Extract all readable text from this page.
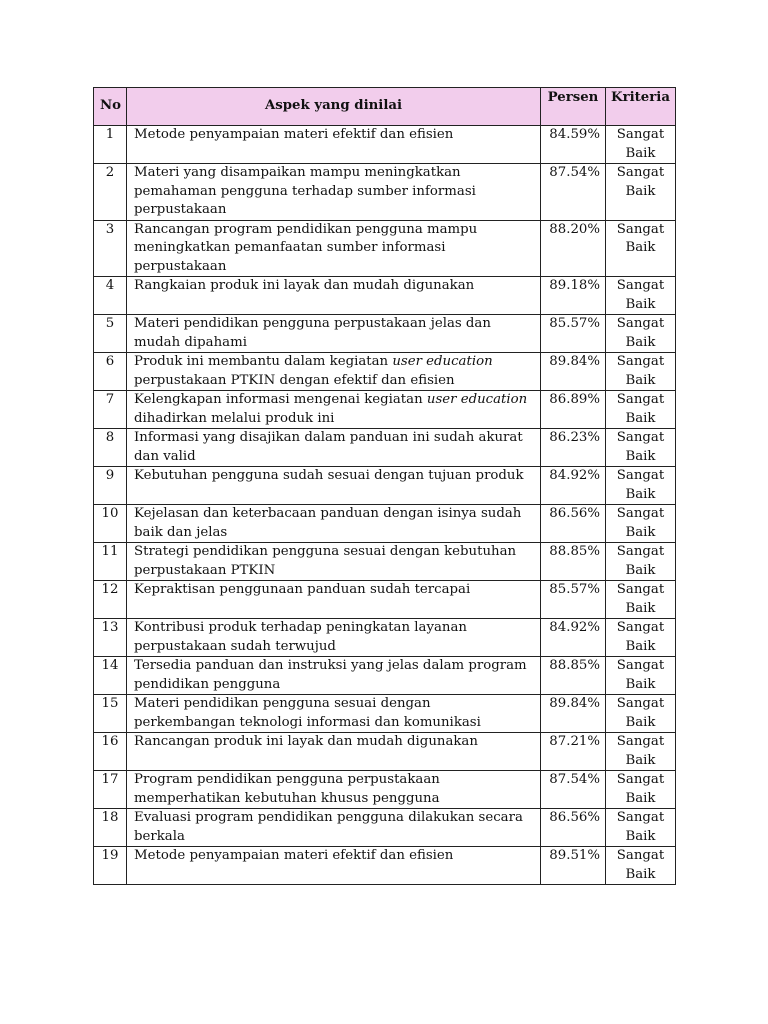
No	Aspek yang dinilai	Persen	Kriteria
1	Metode penyampaian materi efektif dan efisien	84.59%	Sangat Baik
2	Materi yang disampaikan mampu meningkatkan pemahaman pengguna terhadap sumber informasi perpustakaan	87.54%	Sangat Baik
3	Rancangan program pendidikan pengguna mampu meningkatkan pemanfaatan sumber informasi perpustakaan	88.20%	Sangat Baik
4	Rangkaian produk ini layak dan mudah digunakan	89.18%	Sangat Baik
5	Materi pendidikan pengguna perpustakaan jelas dan mudah dipahami	85.57%	Sangat Baik
6	Produk ini membantu dalam kegiatan user education perpustakaan PTKIN dengan efektif dan efisien	89.84%	Sangat Baik
7	Kelengkapan informasi mengenai kegiatan user education dihadirkan melalui produk ini	86.89%	Sangat Baik
8	Informasi yang disajikan dalam panduan ini sudah akurat dan valid	86.23%	Sangat Baik
9	Kebutuhan pengguna sudah sesuai dengan tujuan produk	84.92%	Sangat Baik
10	Kejelasan dan keterbacaan panduan dengan isinya sudah baik dan jelas	86.56%	Sangat Baik
11	Strategi pendidikan pengguna sesuai dengan kebutuhan perpustakaan PTKIN	88.85%	Sangat Baik
12	Kepraktisan penggunaan panduan sudah tercapai	85.57%	Sangat Baik
13	Kontribusi produk terhadap peningkatan layanan perpustakaan sudah terwujud	84.92%	Sangat Baik
14	Tersedia panduan dan instruksi yang jelas dalam program pendidikan pengguna	88.85%	Sangat Baik
15	Materi pendidikan pengguna sesuai dengan perkembangan teknologi informasi dan komunikasi	89.84%	Sangat Baik
16	Rancangan produk ini layak dan mudah digunakan	87.21%	Sangat Baik
17	Program pendidikan pengguna perpustakaan memperhatikan kebutuhan khusus pengguna	87.54%	Sangat Baik
18	Evaluasi program pendidikan pengguna dilakukan secara berkala	86.56%	Sangat Baik
19	Metode penyampaian materi efektif dan efisien	89.51%	Sangat Baik
